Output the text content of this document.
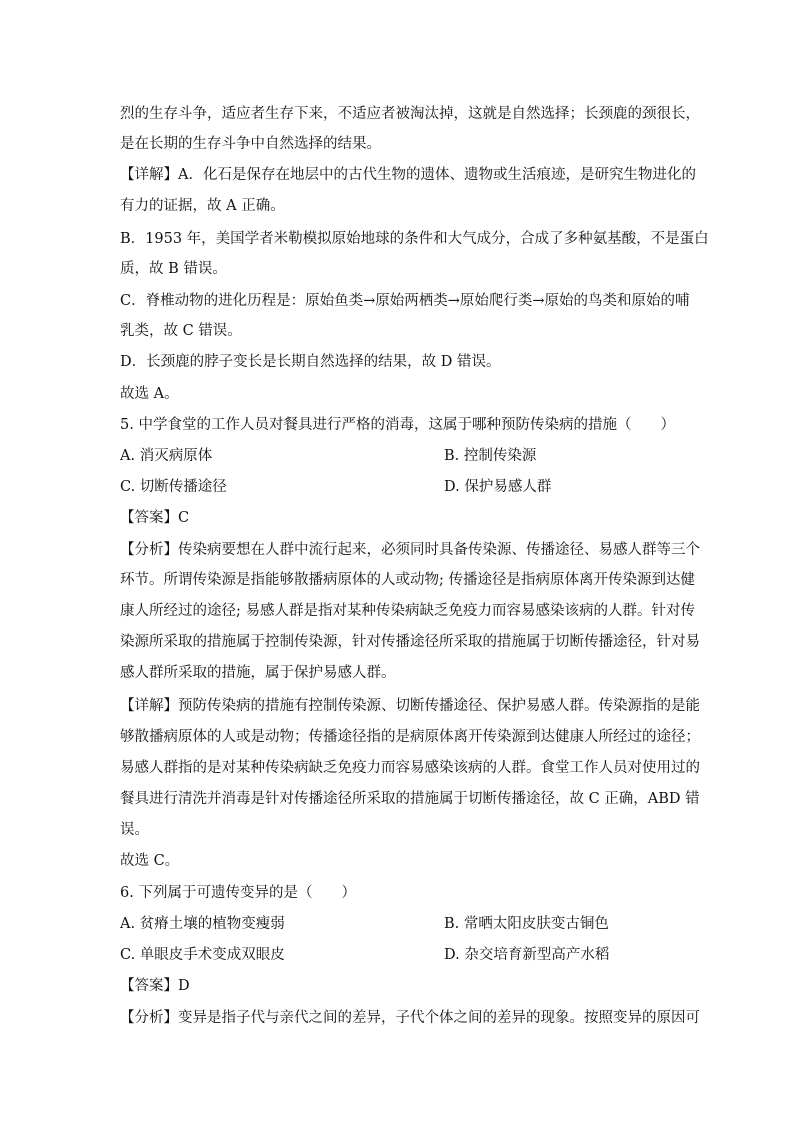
烈的生存斗争，适应者生存下来，不适应者被淘汰掉，这就是自然选择；长颈鹿的颈很长，
是在长期的生存斗争中自然选择的结果。
【详解】A．化石是保存在地层中的古代生物的遗体、遗物或生活痕迹，是研究生物进化的
有力的证据，故 A 正确。
B．1953 年，美国学者米勒模拟原始地球的条件和大气成分，合成了多种氨基酸，不是蛋白
质，故 B 错误。
C．脊椎动物的进化历程是：原始鱼类→原始两栖类→原始爬行类→原始的鸟类和原始的哺
乳类，故 C 错误。
D．长颈鹿的脖子变长是长期自然选择的结果，故 D 错误。
故选 A。
5. 中学食堂的工作人员对餐具进行严格的消毒，这属于哪种预防传染病的措施（　　）
A. 消灭病原体	B. 控制传染源
C. 切断传播途径	D. 保护易感人群
【答案】C
【分析】传染病要想在人群中流行起来，必须同时具备传染源、传播途径、易感人群等三个
环节。所谓传染源是指能够散播病原体的人或动物; 传播途径是指病原体离开传染源到达健
康人所经过的途径; 易感人群是指对某种传染病缺乏免疫力而容易感染该病的人群。针对传
染源所采取的措施属于控制传染源，针对传播途径所采取的措施属于切断传播途径，针对易
感人群所采取的措施，属于保护易感人群。
【详解】预防传染病的措施有控制传染源、切断传播途径、保护易感人群。传染源指的是能
够散播病原体的人或是动物；传播途径指的是病原体离开传染源到达健康人所经过的途径；
易感人群指的是对某种传染病缺乏免疫力而容易感染该病的人群。食堂工作人员对使用过的
餐具进行清洗并消毒是针对传播途径所采取的措施属于切断传播途径，故 C 正确，ABD 错
误。
故选 C。
6. 下列属于可遗传变异的是（　　）
A. 贫瘠土壤的植物变瘦弱	B. 常晒太阳皮肤变古铜色
C. 单眼皮手术变成双眼皮	D. 杂交培育新型高产水稻
【答案】D
【分析】变异是指子代与亲代之间的差异，子代个体之间的差异的现象。按照变异的原因可
